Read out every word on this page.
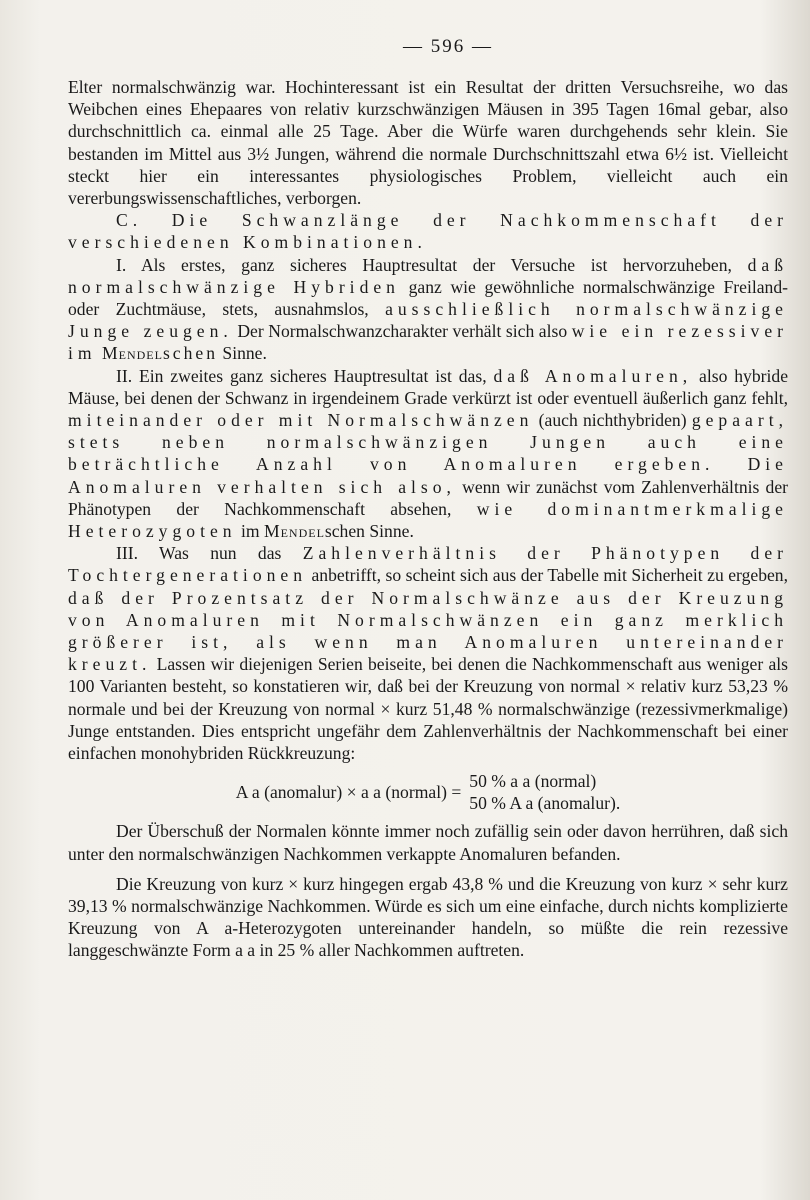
— 596 —

Elter normalschwänzig war. Hochinteressant ist ein Resultat der dritten Versuchsreihe, wo das Weibchen eines Ehepaares von relativ kurzschwänzigen Mäusen in 395 Tagen 16mal gebar, also durchschnittlich ca. einmal alle 25 Tage. Aber die Würfe waren durchgehends sehr klein. Sie bestanden im Mittel aus 3½ Jungen, während die normale Durchschnittszahl etwa 6½ ist. Vielleicht steckt hier ein interessantes physiologisches Problem, vielleicht auch ein vererbungswissenschaftliches, verborgen.

C. Die Schwanzlänge der Nachkommenschaft der verschiedenen Kombinationen.

I. Als erstes, ganz sicheres Hauptresultat der Versuche ist hervorzuheben, daß normalschwänzige Hybriden ganz wie gewöhnliche normalschwänzige Freiland- oder Zuchtmäuse, stets, ausnahmslos, ausschließlich normalschwänzige Junge zeugen. Der Normalschwanzcharakter verhält sich also wie ein rezessiver im Mendelschen Sinne.

II. Ein zweites ganz sicheres Hauptresultat ist das, daß Anomaluren, also hybride Mäuse, bei denen der Schwanz in irgendeinem Grade verkürzt ist oder eventuell äußerlich ganz fehlt, miteinander oder mit Normalschwänzen (auch nichthybriden) gepaart, stets neben normalschwänzigen Jungen auch eine beträchtliche Anzahl von Anomaluren ergeben. Die Anomaluren verhalten sich also, wenn wir zunächst vom Zahlenverhältnis der Phänotypen der Nachkommenschaft absehen, wie dominantmerkmalige Heterozygoten im Mendelschen Sinne.

III. Was nun das Zahlenverhältnis der Phänotypen der Tochtergenerationen anbetrifft, so scheint sich aus der Tabelle mit Sicherheit zu ergeben, daß der Prozentsatz der Normalschwänze aus der Kreuzung von Anomaluren mit Normalschwänzen ein ganz merklich größerer ist, als wenn man Anomaluren untereinander kreuzt. Lassen wir diejenigen Serien beiseite, bei denen die Nachkommenschaft aus weniger als 100 Varianten besteht, so konstatieren wir, daß bei der Kreuzung von normal × relativ kurz 53,23 % normale und bei der Kreuzung von normal × kurz 51,48 % normalschwänzige (rezessivmerkmalige) Junge entstanden. Dies entspricht ungefähr dem Zahlenverhältnis der Nachkommenschaft bei einer einfachen monohybriden Rückkreuzung:

A a (anomalur) × a a (normal) =
50 % a a (normal)
50 % A a (anomalur).

Der Überschuß der Normalen könnte immer noch zufällig sein oder davon herrühren, daß sich unter den normalschwänzigen Nachkommen verkappte Anomaluren befanden.

Die Kreuzung von kurz × kurz hingegen ergab 43,8 % und die Kreuzung von kurz × sehr kurz 39,13 % normalschwänzige Nachkommen. Würde es sich um eine einfache, durch nichts komplizierte Kreuzung von A a-Heterozygoten untereinander handeln, so müßte die rein rezessive langgeschwänzte Form a a in 25 % aller Nachkommen auftreten.
